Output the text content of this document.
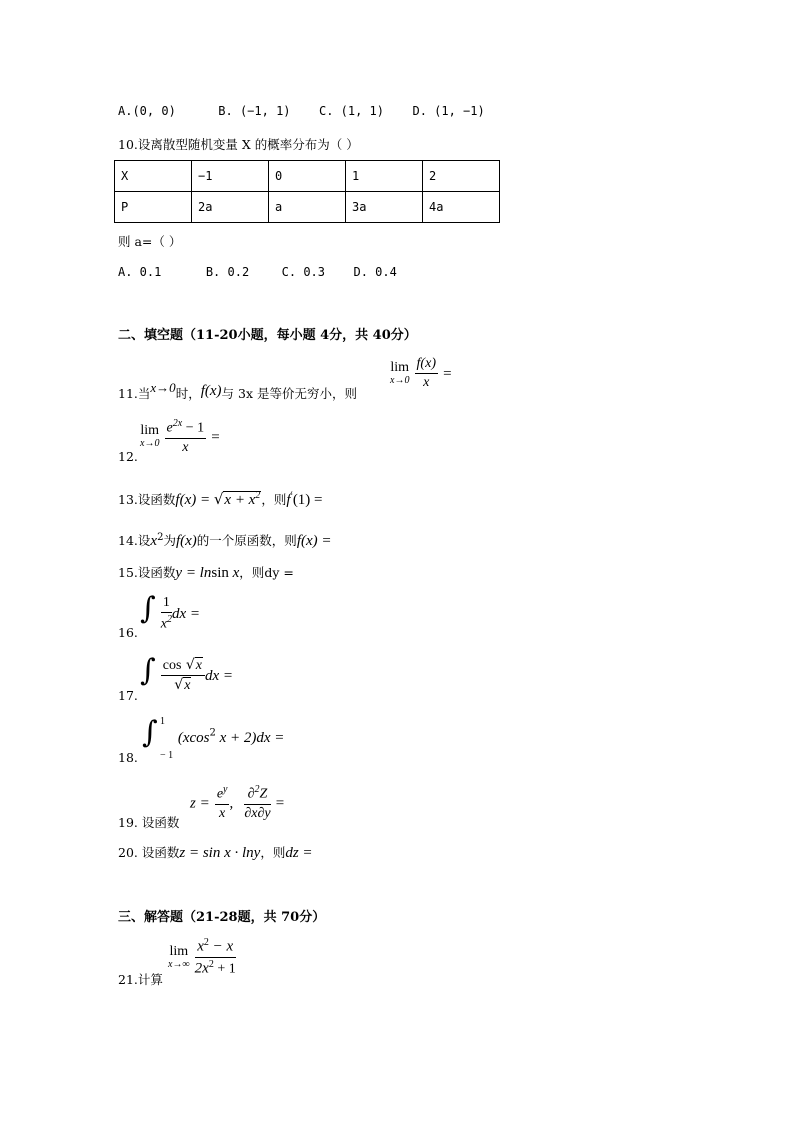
A.(0, 0)	B. (−1, 1) C. (1, 1) D. (1, −1)
10.设离散型随机变量 X 的概率分布为（ ）
X	−1	0	1	2
P	2a	a	3a	4a
则 a=（ ）
A. 0.1	B. 0.2	C. 0.3 D. 0.4
二、填空题（11-20小题，每小题 4分，共 40分）
11.当x→0时，f(x)与 3x 是等价无穷小，则
lim
x→0
$\frac{f(x)}{x}$ =
12.
lim
x→0
$\frac{e^{2x} - 1}{x}$ =
13.设函数$f(x) = √x + x^2$，则f′(1) =
14.设$x^2$为f(x)的一个原函数，则f(x) =
15.设函数y = lnsin x，则dy =
16.
∫ $\frac{1}{x^2}$ dx =
17.
∫ $\frac{\cos √x}{√x}$ dx =
18.
∫ 1
− 1
(xcos$^2$ x + 2)dx =
19. 设函数
$z = \frac{e^y}{x}$ , $\frac{\partial^2Z}{\partial x\partial y}$ =
20. 设函数z = sin x · lny，则dz =
三、解答题（21-28题，共 70分）
21.计算
lim
x→∞
$\frac{x^2 - x}{2x^2 + 1}$
